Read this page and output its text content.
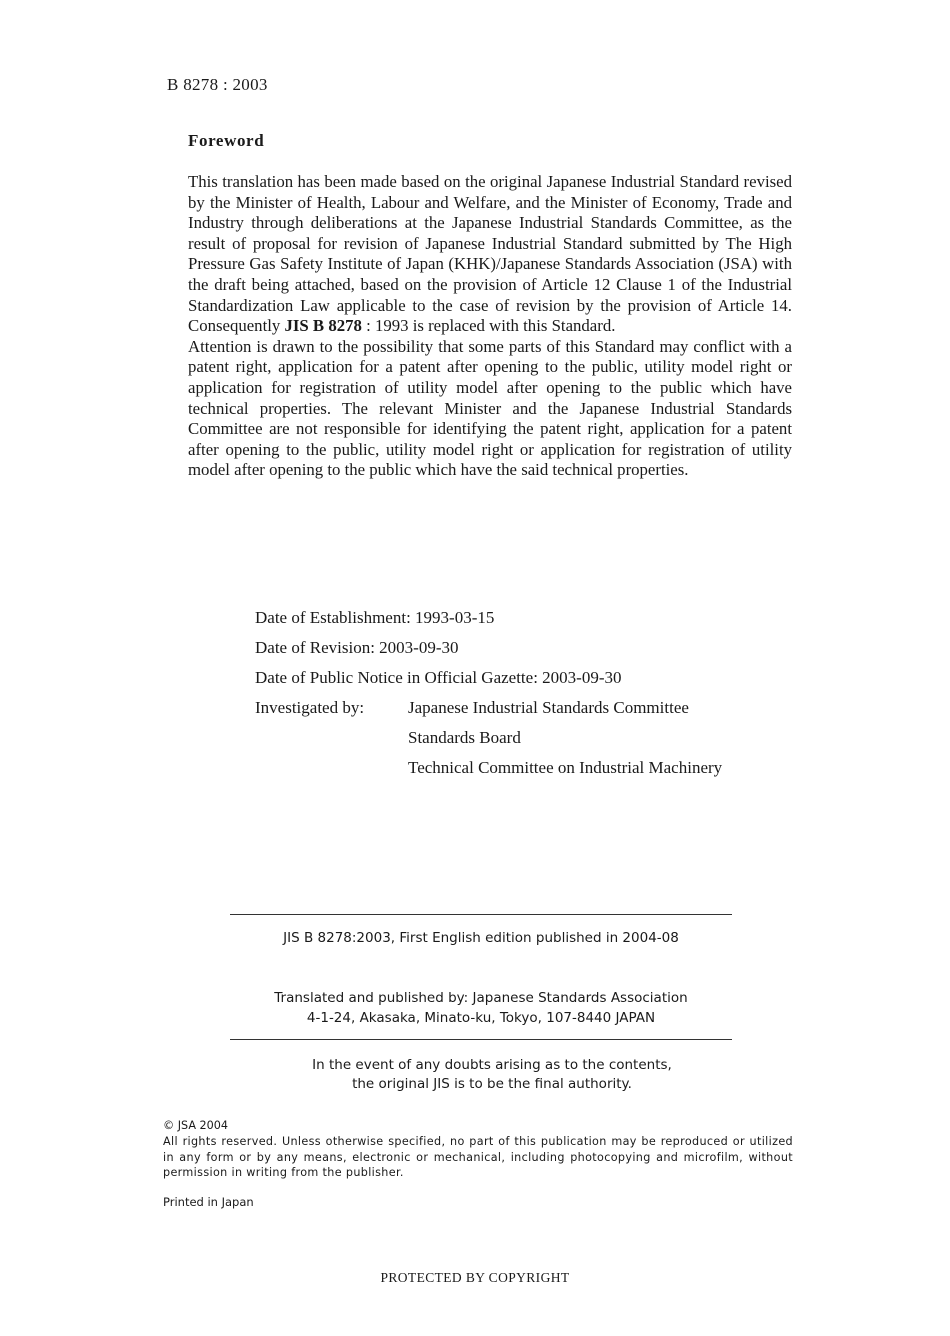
B 8278 : 2003
Foreword

This translation has been made based on the original Japanese Industrial Standard revised by the Minister of Health, Labour and Welfare, and the Minister of Economy, Trade and Industry through deliberations at the Japanese Industrial Standards Committee, as the result of proposal for revision of Japanese Industrial Standard submitted by The High Pressure Gas Safety Institute of Japan (KHK)/Japanese Standards Association (JSA) with the draft being attached, based on the provision of Article 12 Clause 1 of the Industrial Standardization Law applicable to the case of revision by the provision of Article 14. Consequently JIS B 8278 : 1993 is replaced with this Standard.

Attention is drawn to the possibility that some parts of this Standard may conflict with a patent right, application for a patent after opening to the public, utility model right or application for registration of utility model after opening to the public which have technical properties. The relevant Minister and the Japanese Industrial Standards Committee are not responsible for identifying the patent right, application for a patent after opening to the public, utility model right or application for registration of utility model after opening to the public which have the said technical properties.

Date of Establishment: 1993-03-15
Date of Revision: 2003-09-30
Date of Public Notice in Official Gazette: 2003-09-30
Investigated by:	Japanese Industrial Standards Committee
Standards Board
Technical Committee on Industrial Machinery
JIS B 8278:2003, First English edition published in 2004-08
Translated and published by: Japanese Standards Association
4-1-24, Akasaka, Minato-ku, Tokyo, 107-8440 JAPAN
In the event of any doubts arising as to the contents,
the original JIS is to be the final authority.
© JSA 2004
All rights reserved. Unless otherwise specified, no part of this publication may be reproduced or utilized in any form or by any means, electronic or mechanical, including photocopying and microfilm, without permission in writing from the publisher.
Printed in Japan
PROTECTED BY COPYRIGHT
